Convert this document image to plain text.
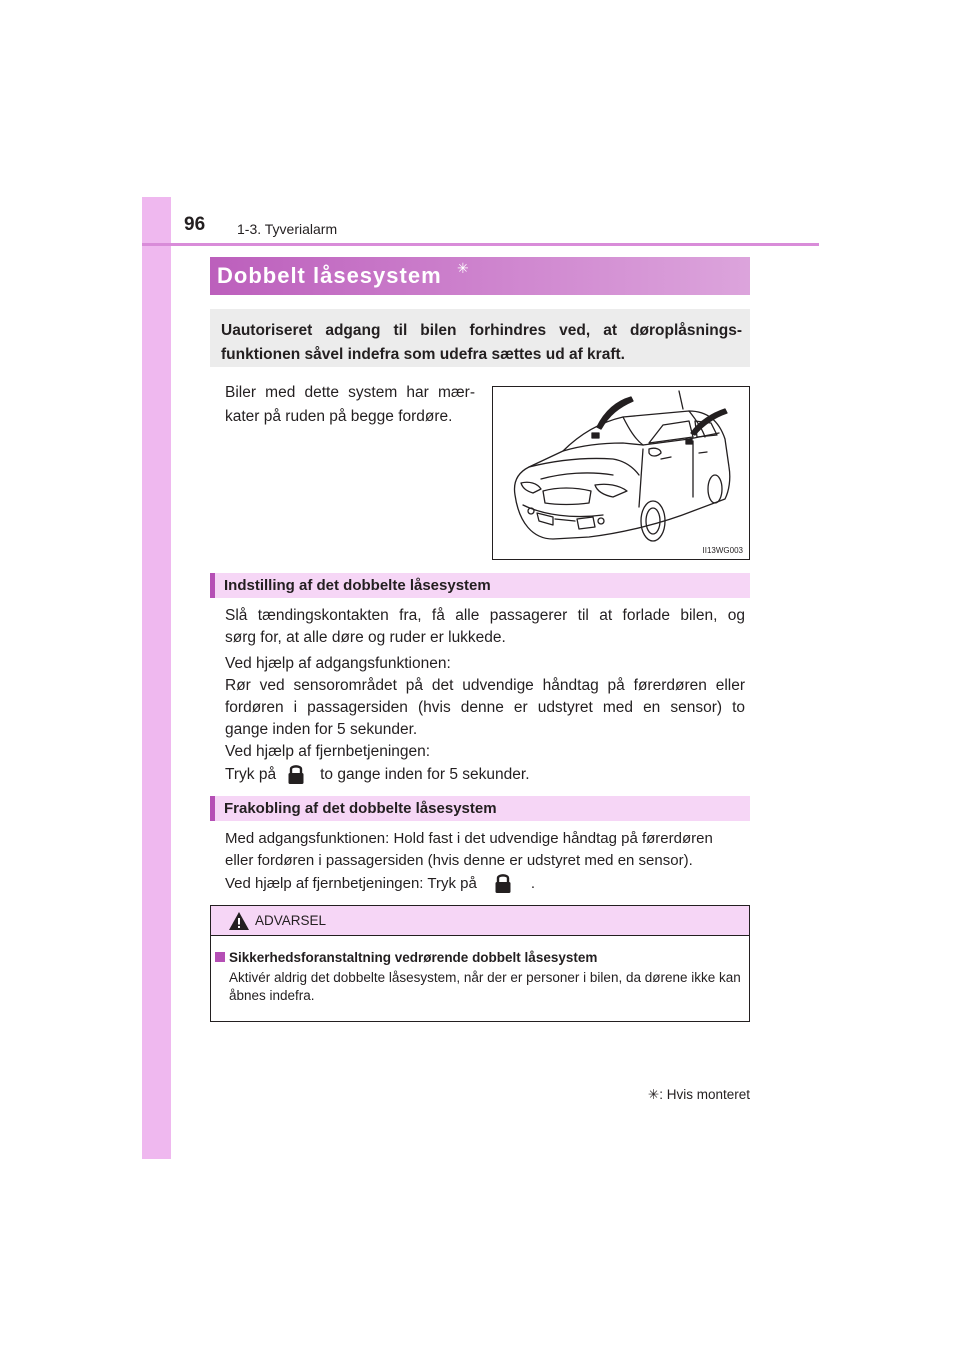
96 1-3. Tyverialarm
Dobbelt låsesystem ✳
Uautoriseret adgang til bilen forhindres ved, at døroplåsnings-funktionen såvel indefra som udefra sættes ud af kraft.
Biler med dette system har mær-
kater på ruden på begge fordøre.
II13WG003
Indstilling af det dobbelte låsesystem
Slå tændingskontakten fra, få alle passagerer til at forlade bilen, og
sørg for, at alle døre og ruder er lukkede.
Ved hjælp af adgangsfunktionen:
Rør ved sensorområdet på det udvendige håndtag på førerdøren eller
fordøren i passagersiden (hvis denne er udstyret med en sensor) to
gange inden for 5 sekunder.
Ved hjælp af fjernbetjeningen:
Tryk på	to gange inden for 5 sekunder.
Frakobling af det dobbelte låsesystem
Med adgangsfunktionen: Hold fast i det udvendige håndtag på førerdøren
eller fordøren i passagersiden (hvis denne er udstyret med en sensor).
Ved hjælp af fjernbetjeningen: Tryk på	.
ADVARSEL
Sikkerhedsforanstaltning vedrørende dobbelt låsesystem
Aktivér aldrig det dobbelte låsesystem, når der er personer i bilen, da dørene ikke kan åbnes indefra.
✳: Hvis monteret
